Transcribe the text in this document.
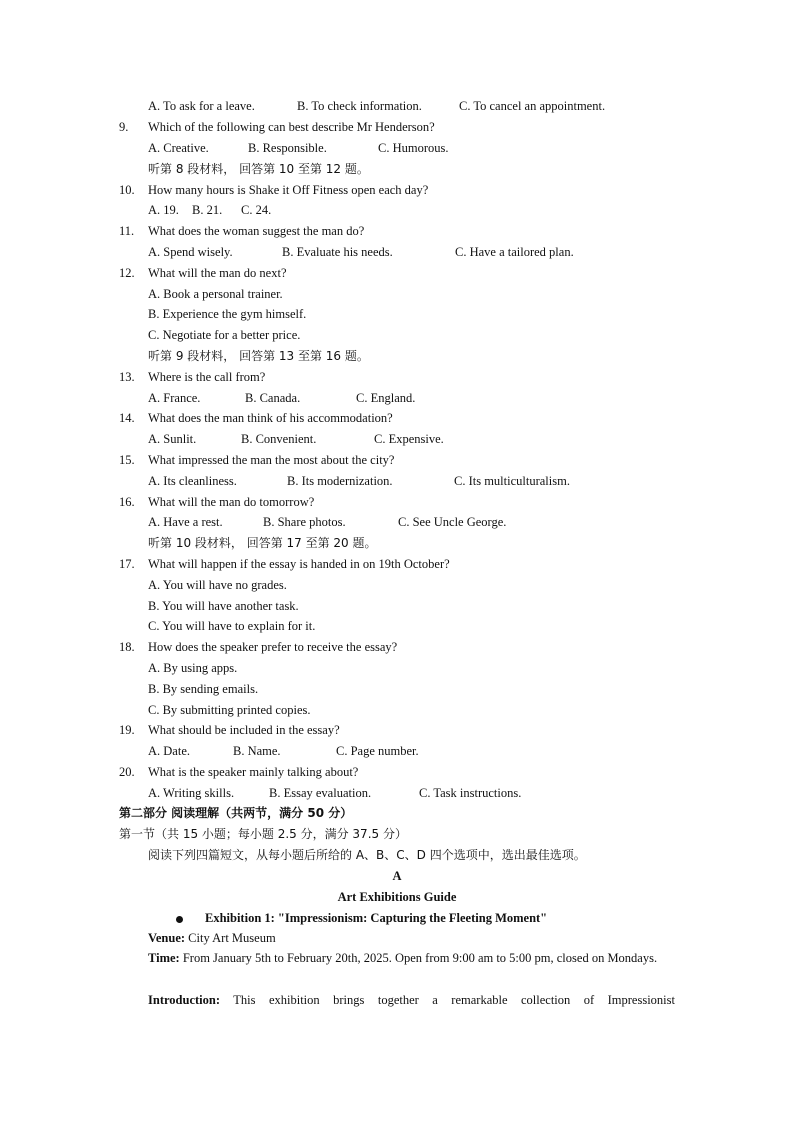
A. To ask for a leave.	B. To check information.	C. To cancel an appointment.
9.	Which of the following can best describe Mr Henderson?
A. Creative.	B. Responsible.	C. Humorous.
听第 8 段材料， 回答第 10 至第 12 题。
10.	How many hours is Shake it Off Fitness open each day?
A. 19. B. 21. C. 24.
11.	What does the woman suggest the man do?
A. Spend wisely.	B. Evaluate his needs.	C. Have a tailored plan.
12.	What will the man do next?
A. Book a personal trainer.
B. Experience the gym himself.
C. Negotiate for a better price.
听第 9 段材料， 回答第 13 至第 16 题。
13.	Where is the call from?
A. France.	B. Canada.	C. England.
14.	What does the man think of his accommodation?
A. Sunlit.	B. Convenient.	C. Expensive.
15.	What impressed the man the most about the city?
A. Its cleanliness.	B. Its modernization.	C. Its multiculturalism.
16.	What will the man do tomorrow?
A. Have a rest.	B. Share photos.	C. See Uncle George.
听第 10 段材料， 回答第 17 至第 20 题。
17.	What will happen if the essay is handed in on 19th October?
A. You will have no grades.
B. You will have another task.
C. You will have to explain for it.
18.	How does the speaker prefer to receive the essay?
A. By using apps.
B. By sending emails.
C. By submitting printed copies.
19.	What should be included in the essay?
A. Date.	B. Name.	C. Page number.
20.	What is the speaker mainly talking about?
A. Writing skills.	B. Essay evaluation.	C. Task instructions.
第二部分 阅读理解（共两节，满分 50 分）
第一节（共 15 小题；每小题 2.5 分，满分 37.5 分）
阅读下列四篇短文，从每小题后所给的 A、B、C、D 四个选项中，选出最佳选项。
A
Art Exhibitions Guide
Exhibition 1: "Impressionism: Capturing the Fleeting Moment"
Venue: City Art Museum
Time: From January 5th to February 20th, 2025. Open from 9:00 am to 5:00 pm, closed on Mondays.
Introduction: This exhibition brings together a remarkable collection of Impressionist
